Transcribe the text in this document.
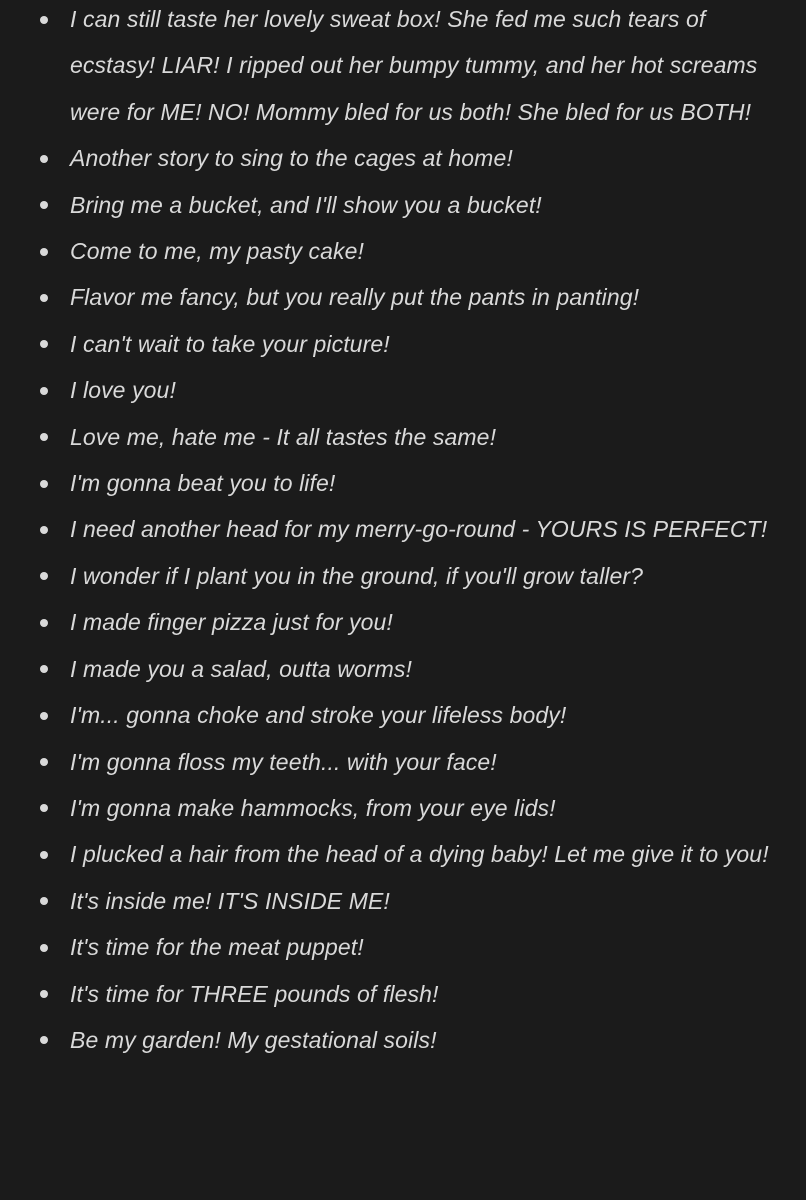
I can still taste her lovely sweat box! She fed me such tears of ecstasy! LIAR! I ripped out her bumpy tummy, and her hot screams were for ME! NO! Mommy bled for us both! She bled for us BOTH!
Another story to sing to the cages at home!
Bring me a bucket, and I'll show you a bucket!
Come to me, my pasty cake!
Flavor me fancy, but you really put the pants in panting!
I can't wait to take your picture!
I love you!
Love me, hate me - It all tastes the same!
I'm gonna beat you to life!
I need another head for my merry-go-round - YOURS IS PERFECT!
I wonder if I plant you in the ground, if you'll grow taller?
I made finger pizza just for you!
I made you a salad, outta worms!
I'm... gonna choke and stroke your lifeless body!
I'm gonna floss my teeth... with your face!
I'm gonna make hammocks, from your eye lids!
I plucked a hair from the head of a dying baby! Let me give it to you!
It's inside me! IT'S INSIDE ME!
It's time for the meat puppet!
It's time for THREE pounds of flesh!
Be my garden! My gestational soils!
